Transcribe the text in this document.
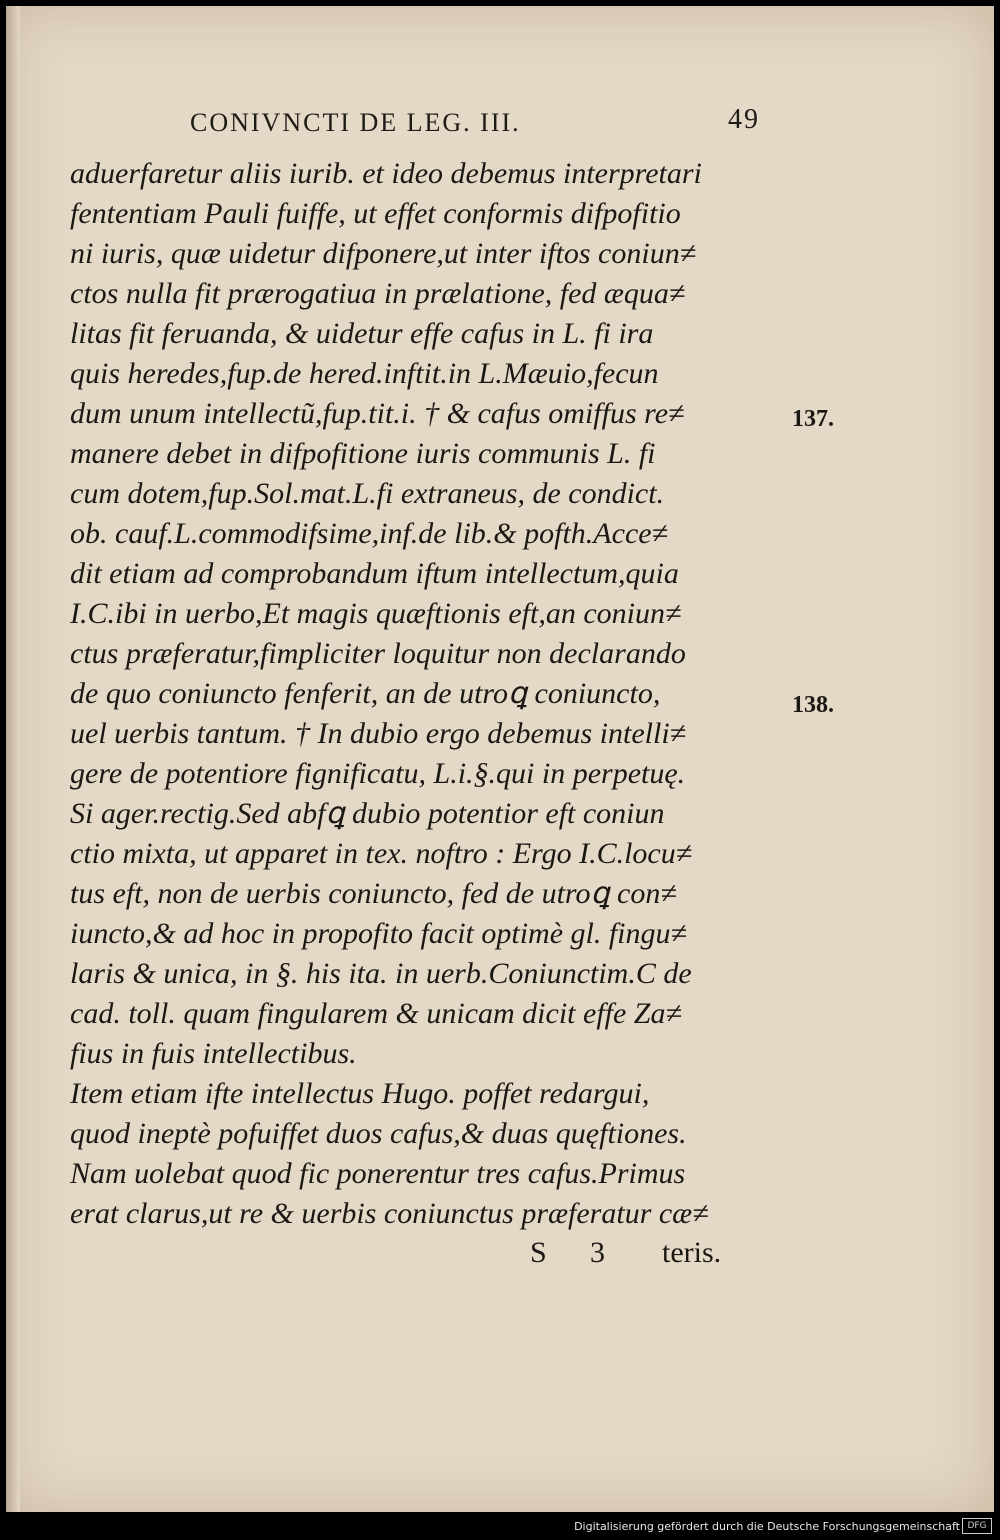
CONIVNCTI DE LEG. III.	49
aduerfaretur aliis iurib. et ideo debemus interpretari
fententiam Pauli fuiffe, ut effet conformis difpofitio
ni iuris, quæ uidetur difponere,ut inter iftos coniun≠
ctos nulla fit prærogatiua in prælatione, fed æqua≠
litas fit feruanda, & uidetur effe cafus in L. fi ira
quis heredes,fup.de hered.inftit.in L.Mæuio,fecun
dum unum intellectũ,fup.tit.i. † & cafus omiffus re≠
manere debet in difpofitione iuris communis L. fi
cum dotem,fup.Sol.mat.L.fi extraneus, de condict.
ob. cauf.L.commodifsime,inf.de lib.& pofth.Acce≠
dit etiam ad comprobandum iftum intellectum,quia
I.C.ibi in uerbo,Et magis quæftionis eft,an coniun≠
ctus præferatur,fimpliciter loquitur non declarando
de quo coniuncto fenferit, an de utroꝗ coniuncto,
uel uerbis tantum. † In dubio ergo debemus intelli≠
gere de potentiore fignificatu, L.i.§.qui in perpetuę.
Si ager.rectig.Sed abfꝗ dubio potentior eft coniun
ctio mixta, ut apparet in tex. noftro : Ergo I.C.locu≠
tus eft, non de uerbis coniuncto, fed de utroꝗ con≠
iuncto,& ad hoc in propofito facit optimè gl. fingu≠
laris & unica, in §. his ita. in uerb.Coniunctim.C de
cad. toll. quam fingularem & unicam dicit effe Za≠
fius in fuis intellectibus.
Item etiam ifte intellectus Hugo. poffet redargui,
quod ineptè pofuiffet duos cafus,& duas quęftiones.
Nam uolebat quod fic ponerentur tres cafus.Primus
erat clarus,ut re & uerbis coniunctus præferatur cæ≠
137.
138.
S 3 teris.
Digitalisierung gefördert durch die Deutsche Forschungsgemeinschaft DFG
